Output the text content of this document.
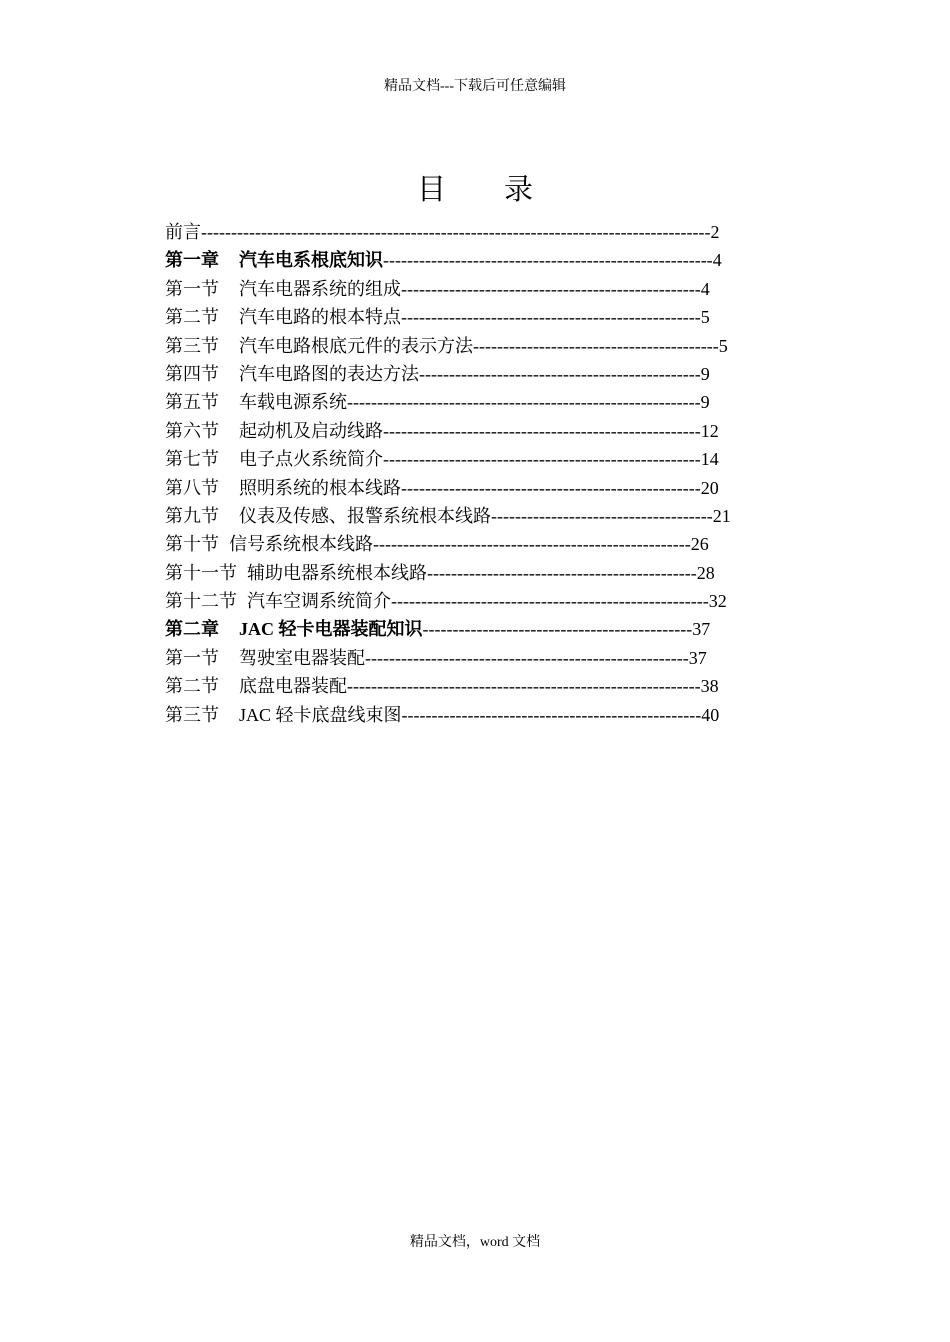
精品文档---下载后可任意编辑
目 录
前言-------------------------------------------------------------------------------------2
第一章 汽车电系根底知识-------------------------------------------------------4
第一节 汽车电器系统的组成--------------------------------------------------4
第二节 汽车电路的根本特点--------------------------------------------------5
第三节 汽车电路根底元件的表示方法-----------------------------------------5
第四节 汽车电路图的表达方法-----------------------------------------------9
第五节 车载电源系统-----------------------------------------------------------9
第六节 起动机及启动线路-----------------------------------------------------12
第七节 电子点火系统简介-----------------------------------------------------14
第八节 照明系统的根本线路--------------------------------------------------20
第九节 仪表及传感、报警系统根本线路-------------------------------------21
第十节 信号系统根本线路-----------------------------------------------------26
第十一节 辅助电器系统根本线路---------------------------------------------28
第十二节 汽车空调系统简介-----------------------------------------------------32
第二章 JAC 轻卡电器装配知识---------------------------------------------37
第一节 驾驶室电器装配------------------------------------------------------37
第二节 底盘电器装配-----------------------------------------------------------38
第三节 JAC 轻卡底盘线束图--------------------------------------------------40
精品文档，word 文档
